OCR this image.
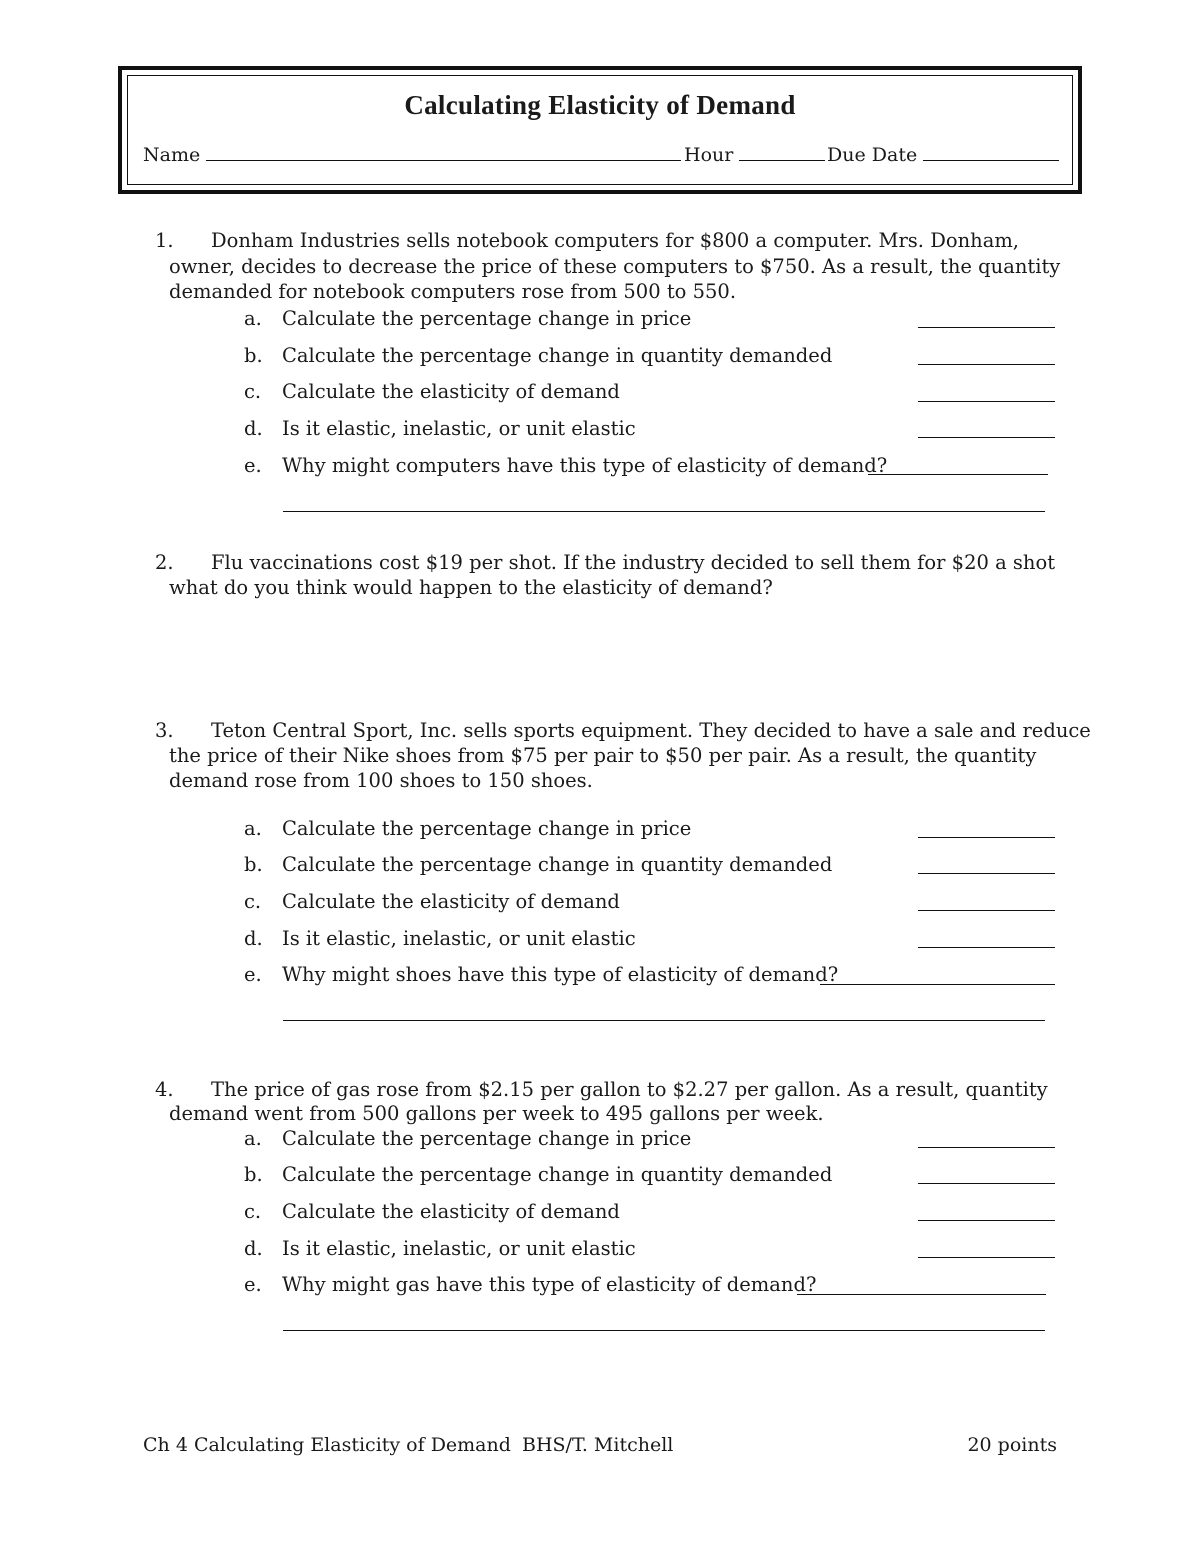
Calculating Elasticity of Demand
Name	Hour	Due Date
1. Donham Industries sells notebook computers for $800 a computer. Mrs. Donham,
owner, decides to decrease the price of these computers to $750. As a result, the quantity
demanded for notebook computers rose from 500 to 550.
a.	Calculate the percentage change in price
b. Calculate the percentage change in quantity demanded
c.	Calculate the elasticity of demand
d. Is it elastic, inelastic, or unit elastic
e.	Why might computers have this type of elasticity of demand?
2. Flu vaccinations cost $19 per shot. If the industry decided to sell them for $20 a shot
what do you think would happen to the elasticity of demand?
3. Teton Central Sport, Inc. sells sports equipment. They decided to have a sale and reduce
the price of their Nike shoes from $75 per pair to $50 per pair. As a result, the quantity
demand rose from 100 shoes to 150 shoes.
a.	Calculate the percentage change in price
b. Calculate the percentage change in quantity demanded
c.	Calculate the elasticity of demand
d. Is it elastic, inelastic, or unit elastic
e.	Why might shoes have this type of elasticity of demand?
4. The price of gas rose from $2.15 per gallon to $2.27 per gallon. As a result, quantity
demand went from 500 gallons per week to 495 gallons per week.
a.	Calculate the percentage change in price
b. Calculate the percentage change in quantity demanded
c.	Calculate the elasticity of demand
d. Is it elastic, inelastic, or unit elastic
e.	Why might gas have this type of elasticity of demand?
Ch 4 Calculating Elasticity of Demand BHS/T. Mitchell	20 points
